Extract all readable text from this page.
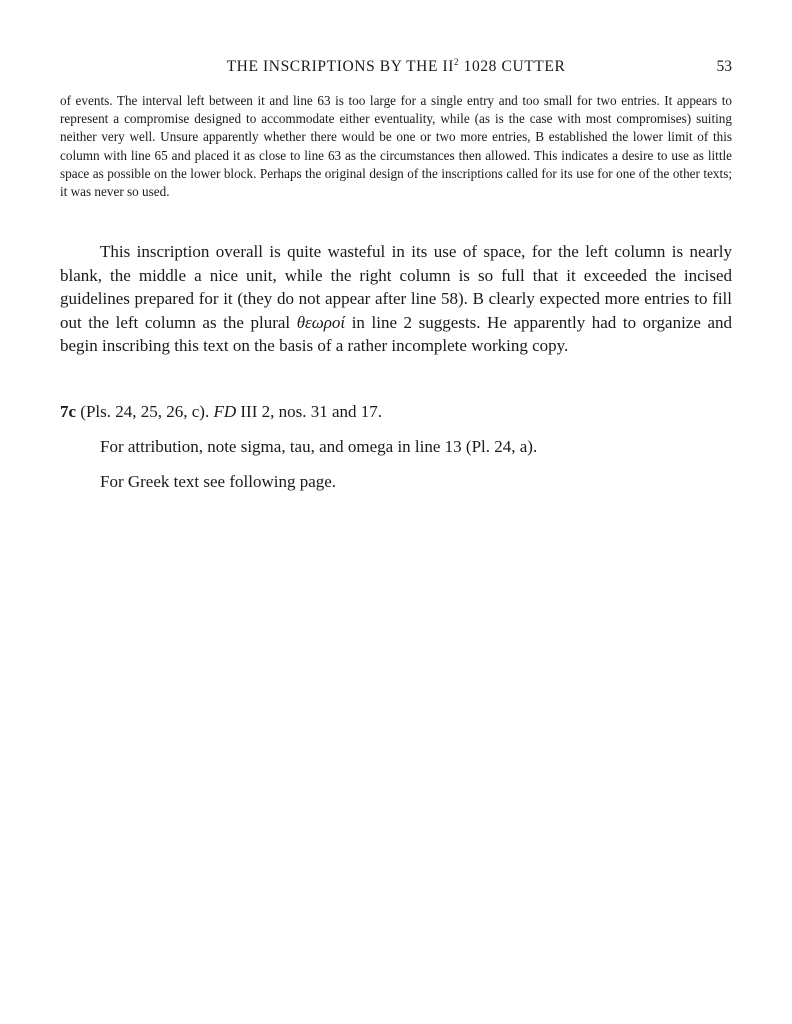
THE INSCRIPTIONS BY THE $II^2$ 1028 CUTTER	53

of events. The interval left between it and line 63 is too large for a single entry and too small for two entries. It appears to represent a compromise designed to accommodate either eventuality, while (as is the case with most compromises) suiting neither very well. Unsure apparently whether there would be one or two more entries, B established the lower limit of this column with line 65 and placed it as close to line 63 as the circumstances then allowed. This indicates a desire to use as little space as possible on the lower block. Perhaps the original design of the inscriptions called for its use for one of the other texts; it was never so used.

This inscription overall is quite wasteful in its use of space, for the left column is nearly blank, the middle a nice unit, while the right column is so full that it exceeded the incised guidelines prepared for it (they do not appear after line 58). B clearly expected more entries to fill out the left column as the plural θεωροί in line 2 suggests. He apparently had to organize and begin inscribing this text on the basis of a rather incomplete working copy.

7c (Pls. 24, 25, 26, c). FD III 2, nos. 31 and 17.

For attribution, note sigma, tau, and omega in line 13 (Pl. 24, a).

For Greek text see following page.
